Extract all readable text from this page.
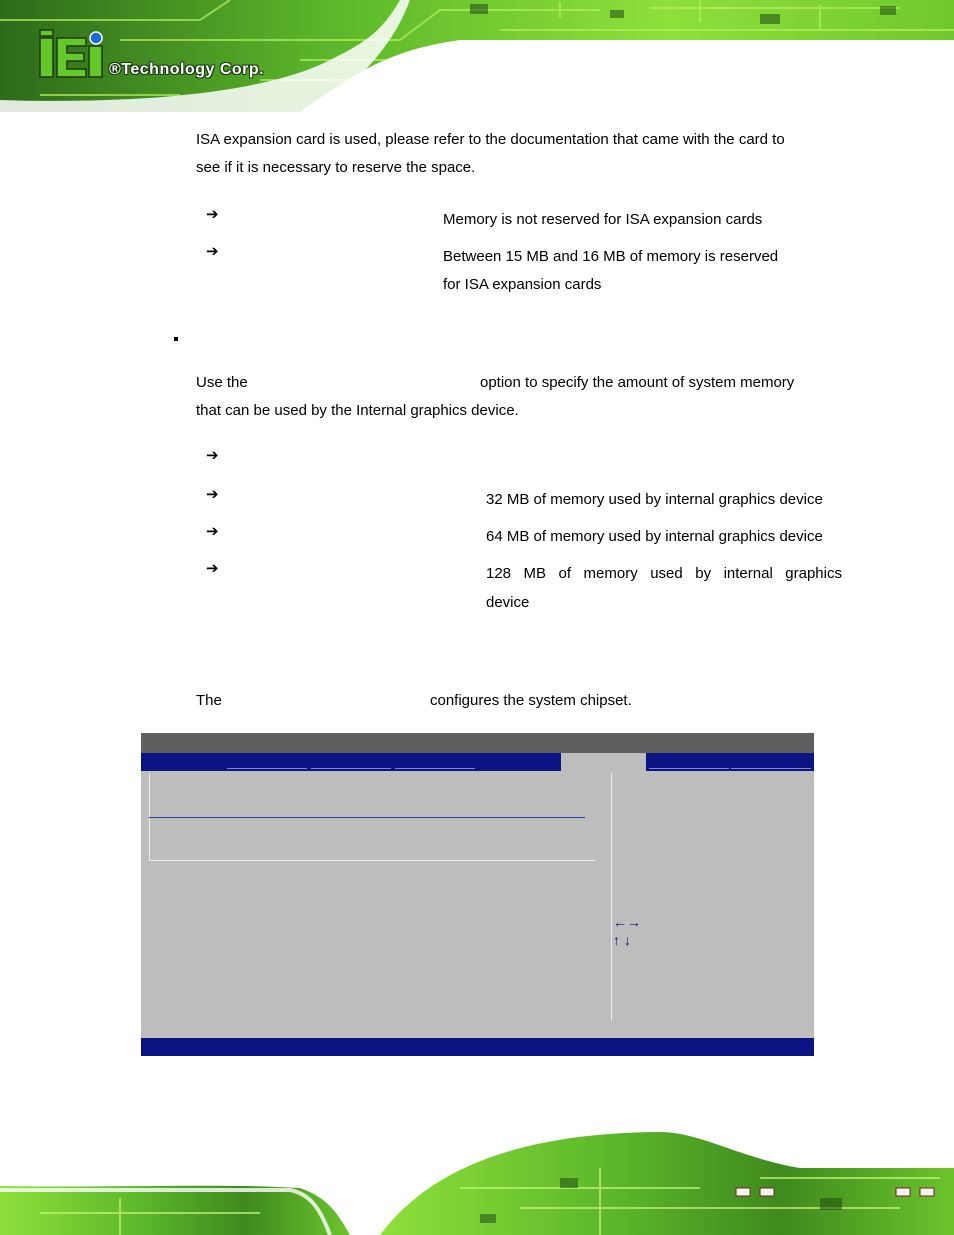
®Technology Corp.
ISA expansion card is used, please refer to the documentation that came with the card to
see if it is necessary to reserve the space.
➔	Memory is not reserved for ISA expansion cards
➔	Between 15 MB and 16 MB of memory is reserved
for ISA expansion cards
Use the	option to specify the amount of system memory
that can be used by the Internal graphics device.
➔
➔	32 MB of memory used by internal graphics device
➔	64 MB of memory used by internal graphics device
➔	128   MB   of   memory   used   by   internal   graphics
device
The	configures the system chipset.
←→
↑ ↓
